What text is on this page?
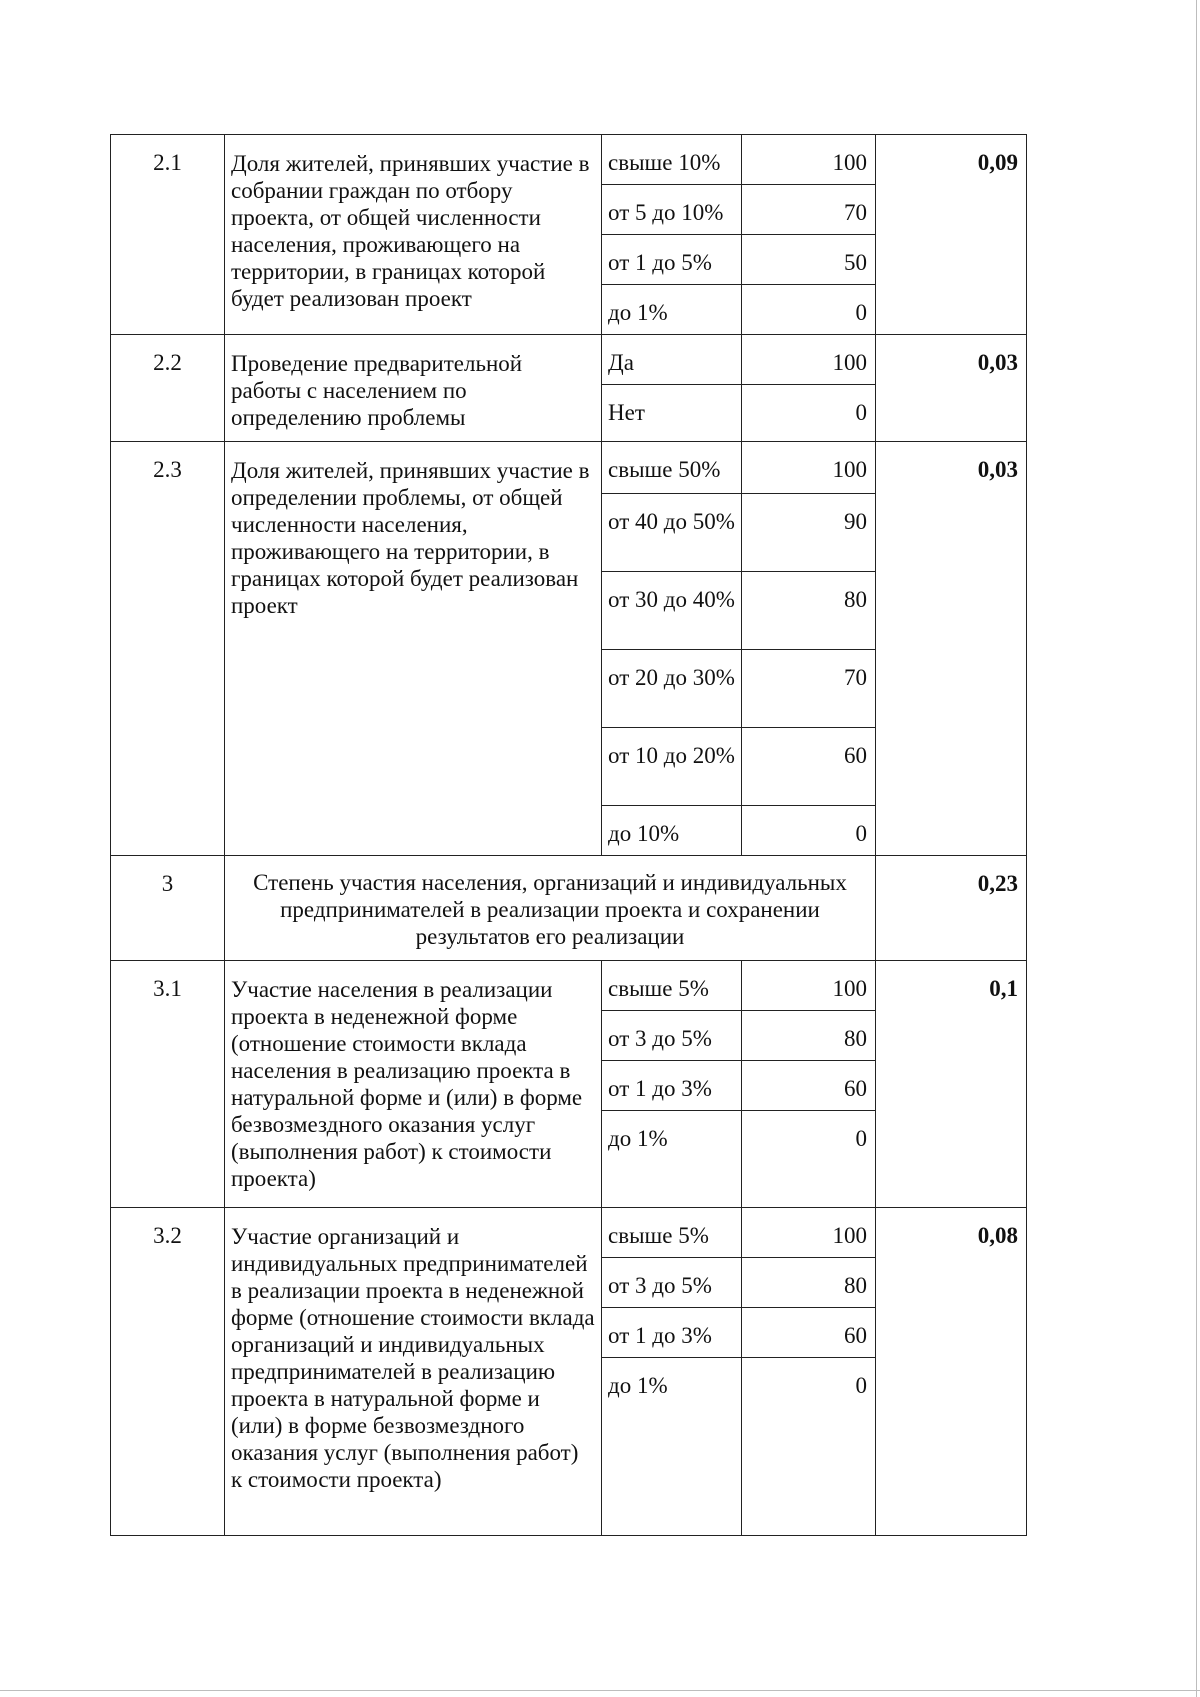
2.1	Доля жителей, принявших участие в собрании граждан по отбору проекта, от общей численности населения, проживающего на территории, в границах которой будет реализован проект	свыше 10%	100	0,09
		от 5 до 10%	70	
		от 1 до 5%	50	
		до 1%	0	
2.2	Проведение предварительной работы с населением по определению проблемы	Да	100	0,03
		Нет	0	
2.3	Доля жителей, принявших участие в определении проблемы, от общей численности населения, проживающего на территории, в границах которой будет реализован проект	свыше 50%	100	0,03
		от 40 до 50%	90	
		от 30 до 40%	80	
		от 20 до 30%	70	
		от 10 до 20%	60	
		до 10%	0	
3	Степень участия населения, организаций и индивидуальных предпринимателей в реализации проекта и сохранении результатов его реализации			0,23
3.1	Участие населения в реализации проекта в неденежной форме (отношение стоимости вклада населения в реализацию проекта в натуральной форме и (или) в форме безвозмездного оказания услуг (выполнения работ) к стоимости проекта)	свыше 5%	100	0,1
		от 3 до 5%	80	
		от 1 до 3%	60	
		до 1%	0	
3.2	Участие организаций и индивидуальных предпринимателей в реализации проекта в неденежной форме (отношение стоимости вклада организаций и индивидуальных предпринимателей в реализацию проекта в натуральной форме и (или) в форме безвозмездного оказания услуг (выполнения работ) к стоимости проекта)	свыше 5%	100	0,08
		от 3 до 5%	80	
		от 1 до 3%	60	
		до 1%	0	
